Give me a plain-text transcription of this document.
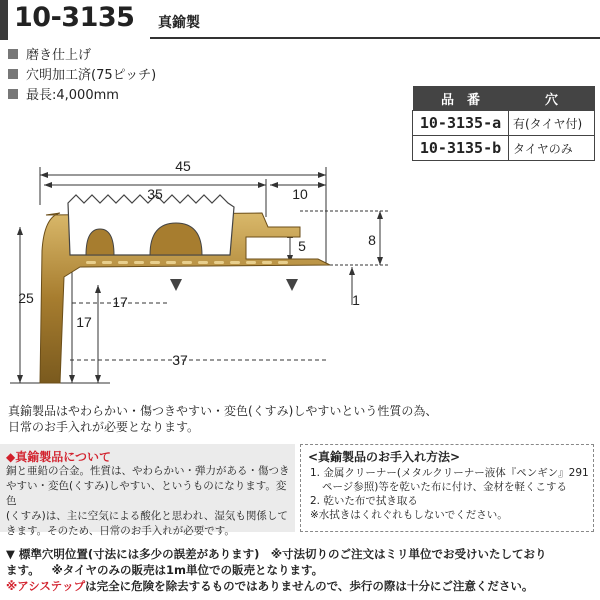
10-3135 真鍮製
磨き仕上げ
穴明加工済(75ピッチ)
最長:4,000mm	品　番	穴
10-3135-a	有(タイヤ付)
10-3135-b	タイヤのみ
45
35	10
8
5
1
25	17
17
37
真鍮製品はやわらかい・傷つきやすい・変色(くすみ)しやすいという性質の為、
日常のお手入れが必要となります。
◆真鍮製品について
銅と亜鉛の合金。性質は、やわらかい・弾力がある・傷つき
やすい・変色(くすみ)しやすい、というものになります。変色
(くすみ)は、主に空気による酸化と思われ、湿気も関係して
きます。そのため、日常のお手入れが必要です。
<真鍮製品のお手入れ方法>
1. 金属クリーナー(メタルクリーナー液体『ペンギン』291
ページ参照)等を乾いた布に付け、金材を軽くこする
2. 乾いた布で拭き取る
※水拭きはくれぐれもしないでください。
▼ 標準穴明位置(寸法には多少の誤差があります)　※寸法切りのご注文はミリ単位でお受けいたしており
ます。 ※タイヤのみの販売は1m単位での販売となります。
※アシステップは完全に危険を除去するものではありませんので、歩行の際は十分にご注意ください。
